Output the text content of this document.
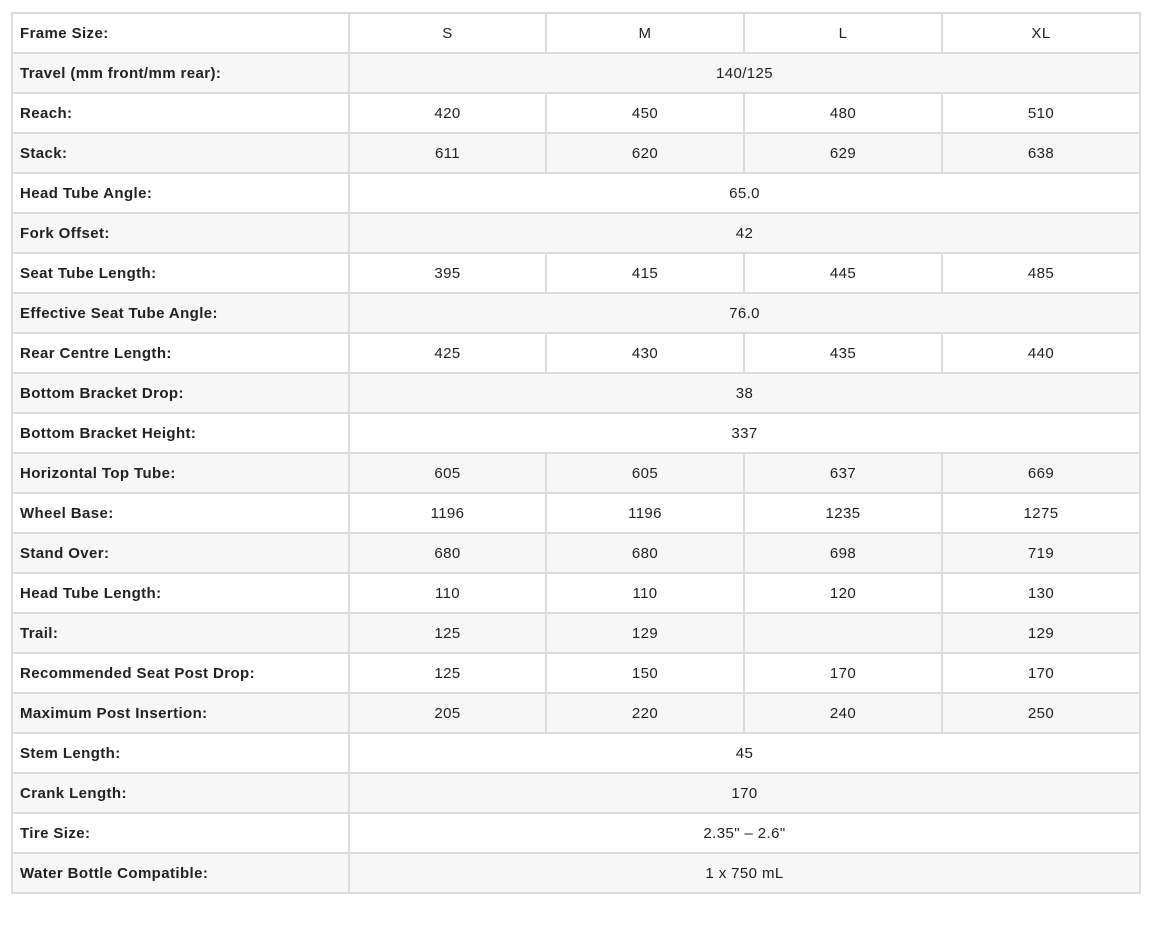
Frame Size:	S	M	L	XL
Travel (mm front/mm rear):	140/125			
Reach:	420	450	480	510
Stack:	611	620	629	638
Head Tube Angle:	65.0			
Fork Offset:	42			
Seat Tube Length:	395	415	445	485
Effective Seat Tube Angle:	76.0			
Rear Centre Length:	425	430	435	440
Bottom Bracket Drop:	38			
Bottom Bracket Height:	337			
Horizontal Top Tube:	605	605	637	669
Wheel Base:	1196	1196	1235	1275
Stand Over:	680	680	698	719
Head Tube Length:	110	110	120	130
Trail:	125	129		129
Recommended Seat Post Drop:	125	150	170	170
Maximum Post Insertion:	205	220	240	250
Stem Length:	45			
Crank Length:	170			
Tire Size:	2.35" – 2.6"			
Water Bottle Compatible:	1 x 750 mL			
